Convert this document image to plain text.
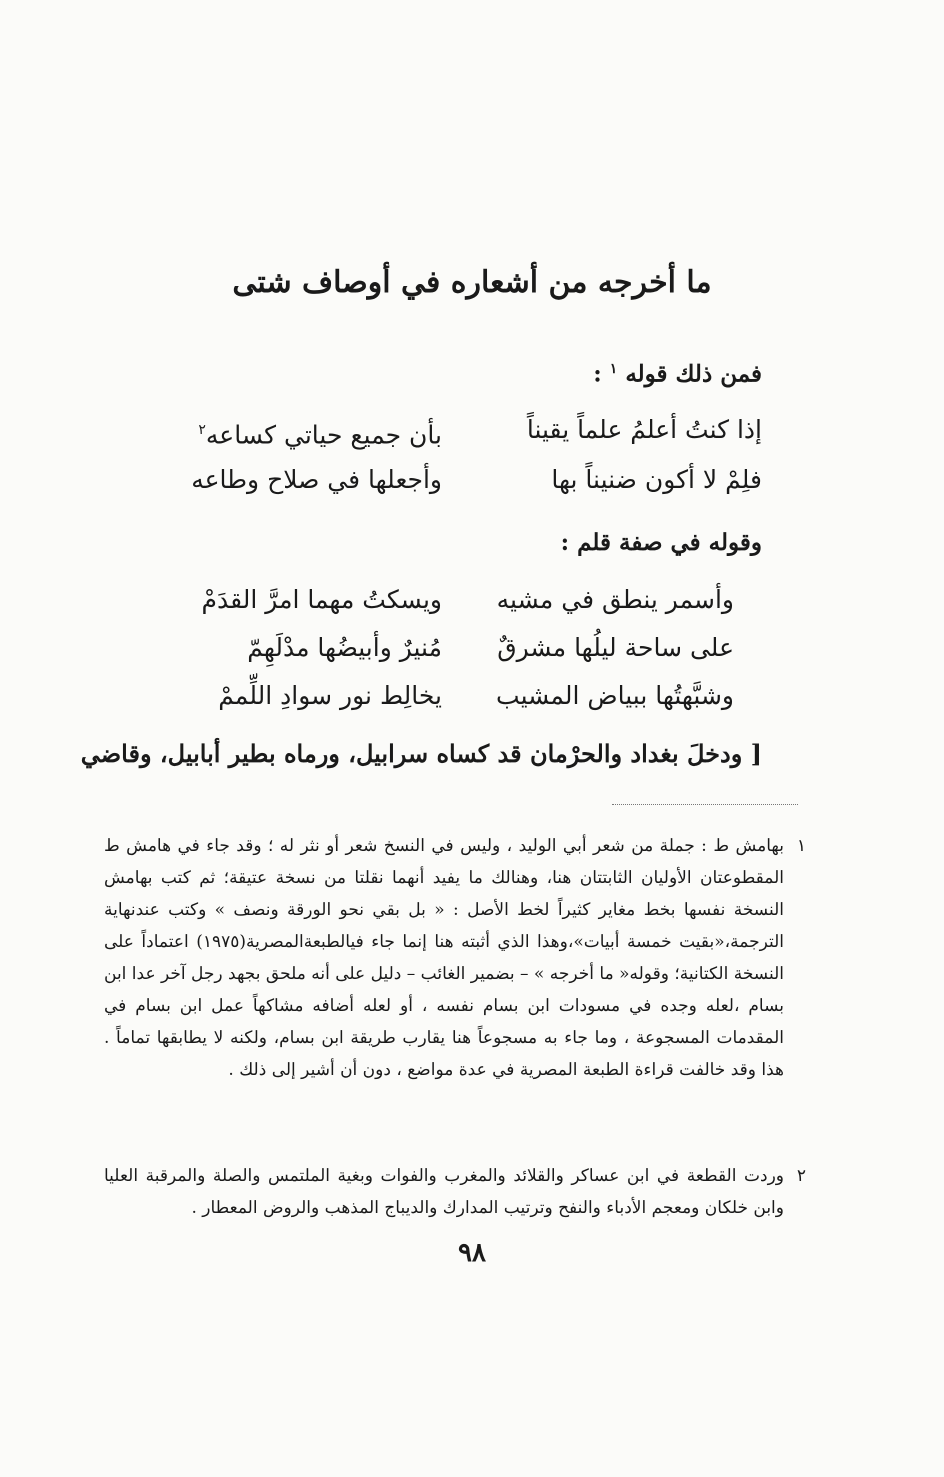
ما أخرجه من أشعاره في أوصاف شتى
فمن ذلك قوله $^١$ :
إذا كنتُ أعلمُ علماً يقيناً
بأن جميع حياتي كساعه$^٢$
فلِمْ لا أكون ضنيناً بها
وأجعلها في صلاح وطاعه
وقوله في صفة قلم :
وأسمر ينطق في مشيه
ويسكتُ مهما امرَّ القدَمْ
على ساحة ليلُها مشرقٌ
مُنيرٌ وأبيضُها مدْلَهِمّ
وشبَّهتُها ببياض المشيب
يخالِط نور سوادِ اللِّممْ
[ ودخلَ بغداد والحرْمان قد كساه سرابيل، ورماه بطير أبابيل، وقاضي
١
بهامش ط : جملة من شعر أبي الوليد ، وليس في النسخ شعر أو نثر له ؛ وقد جاء في هامش ط المقطوعتان الأوليان الثابتتان هنا، وهنالك ما يفيد أنهما نقلتا من نسخة عتيقة؛ ثم كتب بهامش النسخة نفسها بخط مغاير كثيراً لخط الأصل : « بل بقي نحو الورقة ونصف » وكتب عندنهاية الترجمة،«بقيت خمسة أبيات»،وهذا الذي أثبته هنا إنما جاء فيالطبعةالمصرية(١٩٧٥) اعتماداً على النسخة الكتانية؛ وقوله« ما أخرجه » – بضمير الغائب – دليل على أنه ملحق بجهد رجل آخر عدا ابن بسام ،لعله وجده في مسودات ابن بسام نفسه ، أو لعله أضافه مشاكهاً عمل ابن بسام في المقدمات المسجوعة ، وما جاء به مسجوعاً هنا يقارب طريقة ابن بسام، ولكنه لا يطابقها تماماً . هذا وقد خالفت قراءة الطبعة المصرية في عدة مواضع ، دون أن أشير إلى ذلك .
٢
وردت القطعة في ابن عساكر والقلائد والمغرب والفوات وبغية الملتمس والصلة والمرقبة العليا وابن خلكان ومعجم الأدباء والنفح وترتيب المدارك والديباج المذهب والروض المعطار .
٩٨
